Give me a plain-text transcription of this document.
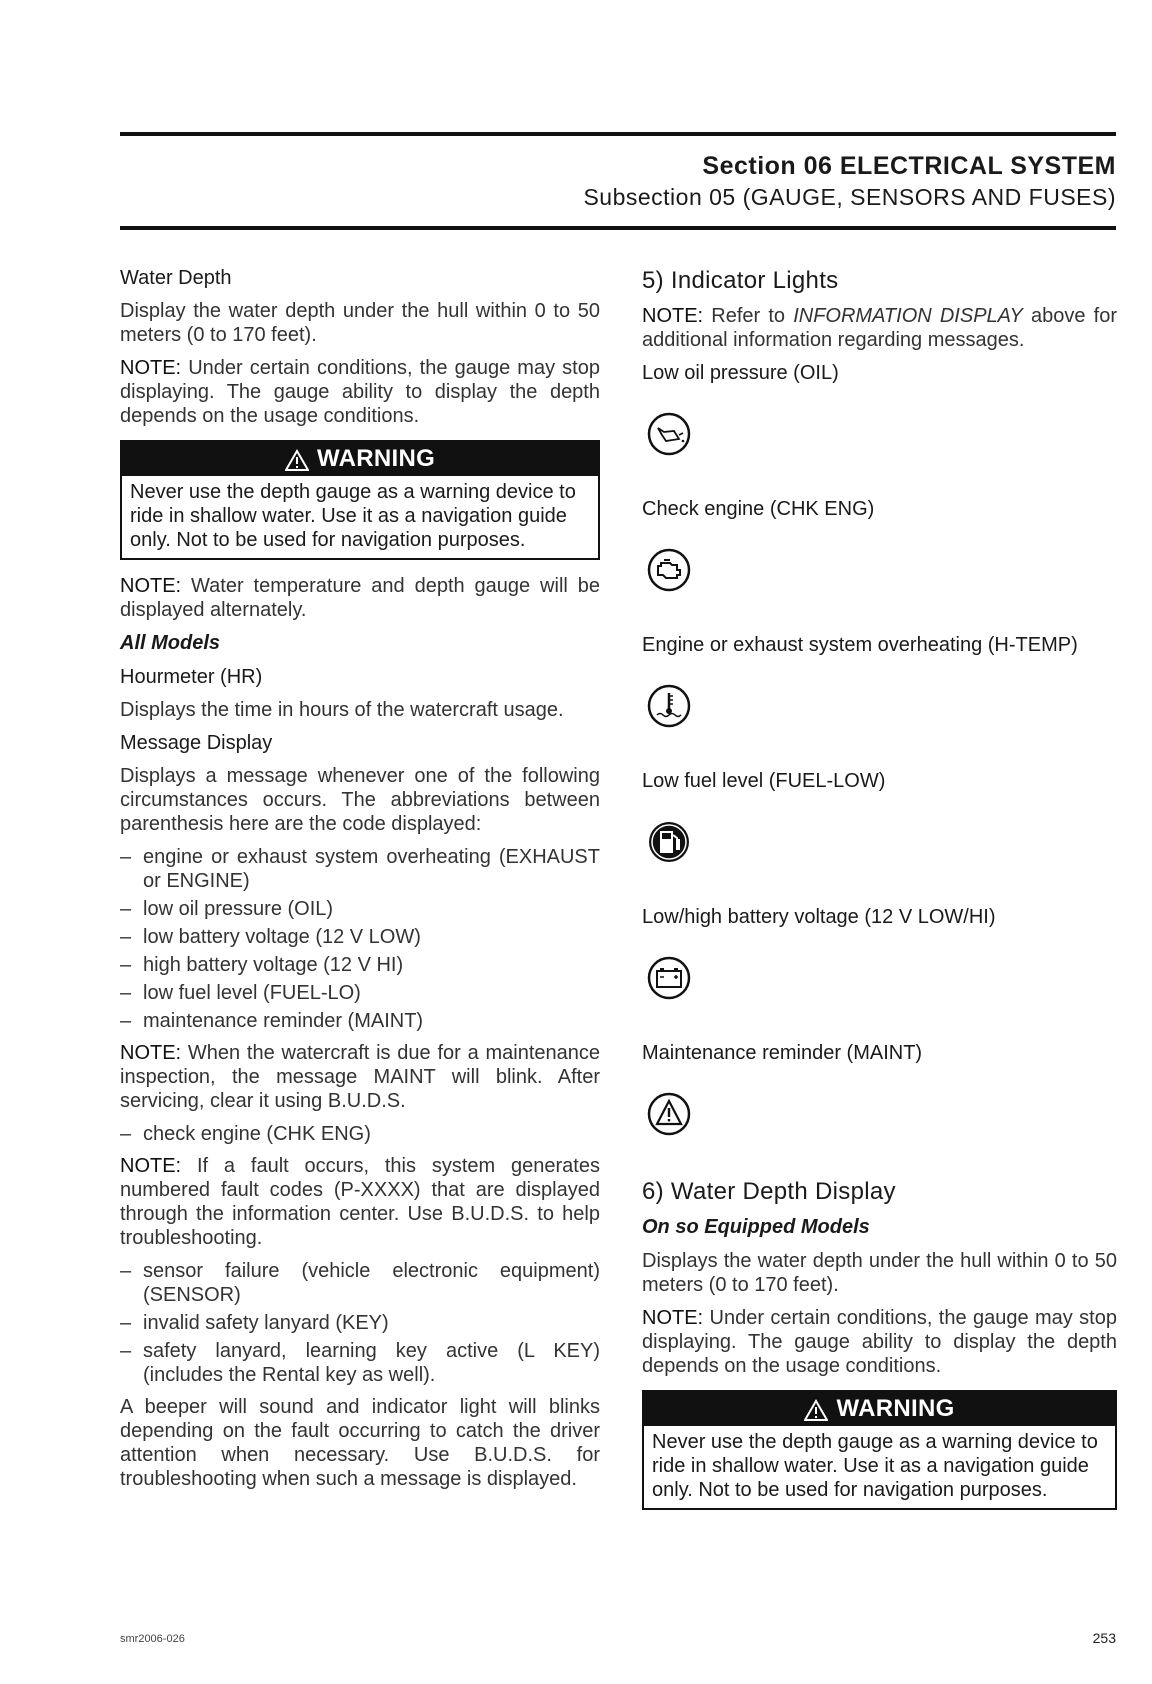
Section 06 ELECTRICAL SYSTEM
Subsection 05 (GAUGE, SENSORS AND FUSES)
Water Depth

Display the water depth under the hull within 0 to 50 meters (0 to 170 feet).

NOTE: Under certain conditions, the gauge may stop displaying. The gauge ability to display the depth depends on the usage conditions.

WARNING
Never use the depth gauge as a warning device to ride in shallow water. Use it as a navigation guide only. Not to be used for navigation purposes.

NOTE: Water temperature and depth gauge will be displayed alternately.

All Models
Hourmeter (HR)

Displays the time in hours of the watercraft usage.

Message Display

Displays a message whenever one of the following circumstances occurs. The abbreviations between parenthesis here are the code displayed:

– engine or exhaust system overheating (EXHAUST or ENGINE)
– low oil pressure (OIL)
– low battery voltage (12 V LOW)
– high battery voltage (12 V HI)
– low fuel level (FUEL-LO)
– maintenance reminder (MAINT)

NOTE: When the watercraft is due for a maintenance inspection, the message MAINT will blink. After servicing, clear it using B.U.D.S.

– check engine (CHK ENG)

NOTE: If a fault occurs, this system generates numbered fault codes (P-XXXX) that are displayed through the information center. Use B.U.D.S. to help troubleshooting.

– sensor failure (vehicle electronic equipment) (SENSOR)
– invalid safety lanyard (KEY)
– safety lanyard, learning key active (L KEY) (includes the Rental key as well).

A beeper will sound and indicator light will blinks depending on the fault occurring to catch the driver attention when necessary. Use B.U.D.S. for troubleshooting when such a message is displayed.

5) Indicator Lights

NOTE: Refer to INFORMATION DISPLAY above for additional information regarding messages.

Low oil pressure (OIL)
Check engine (CHK ENG)
Engine or exhaust system overheating (H-TEMP)
Low fuel level (FUEL-LOW)
Low/high battery voltage (12 V LOW/HI)
Maintenance reminder (MAINT)
6) Water Depth Display
On so Equipped Models

Displays the water depth under the hull within 0 to 50 meters (0 to 170 feet).

NOTE: Under certain conditions, the gauge may stop displaying. The gauge ability to display the depth depends on the usage conditions.

WARNING
Never use the depth gauge as a warning device to ride in shallow water. Use it as a navigation guide only. Not to be used for navigation purposes.
smr2006-026	253
